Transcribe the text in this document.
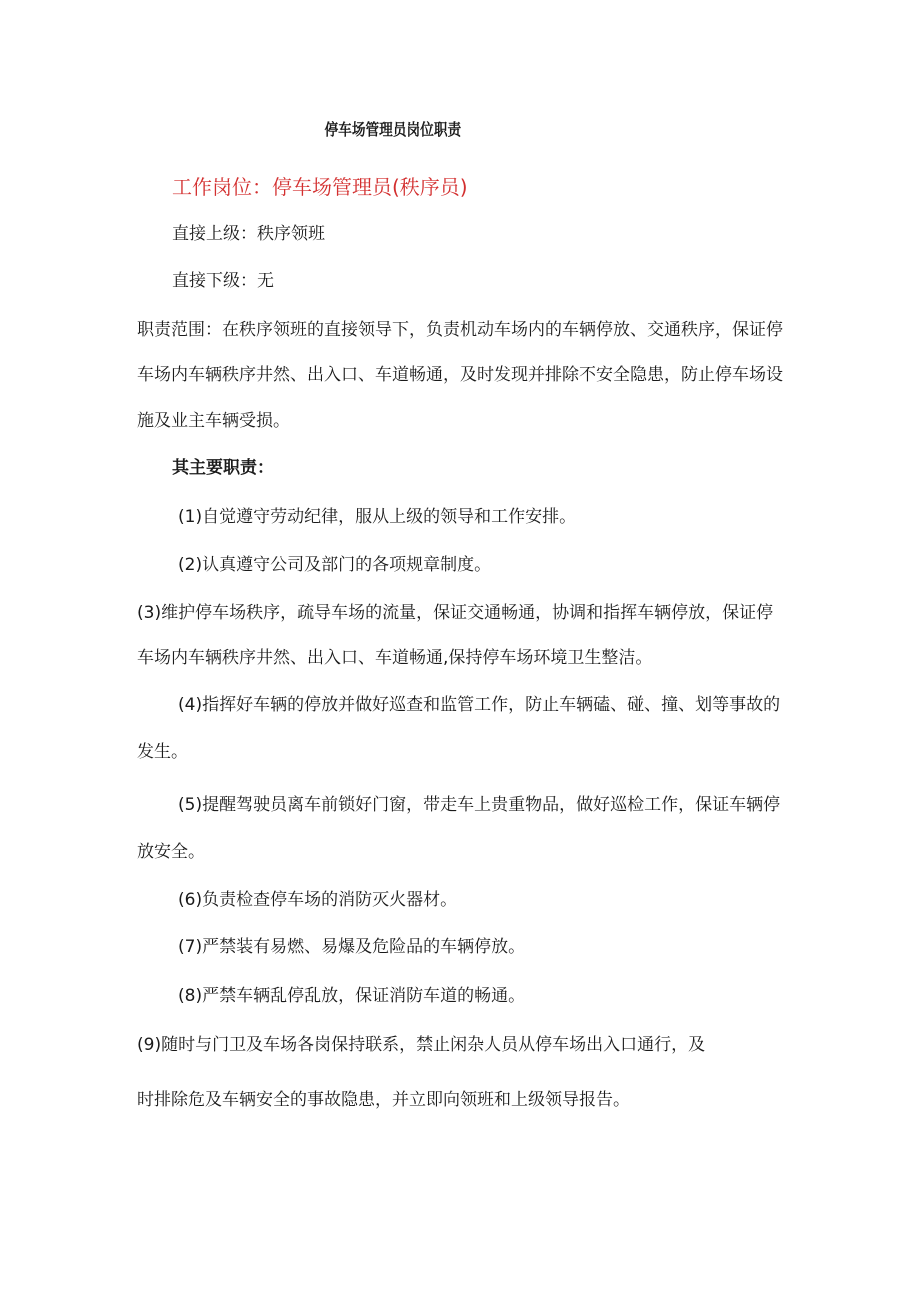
停车场管理员岗位职责

工作岗位：停车场管理员(秩序员)

直接上级：秩序领班

直接下级：无

职责范围：在秩序领班的直接领导下，负责机动车场内的车辆停放、交通秩序，保证停

车场内车辆秩序井然、出入口、车道畅通，及时发现并排除不安全隐患，防止停车场设

施及业主车辆受损。

其主要职责：

(1)自觉遵守劳动纪律，服从上级的领导和工作安排。

(2)认真遵守公司及部门的各项规章制度。

(3)维护停车场秩序，疏导车场的流量，保证交通畅通，协调和指挥车辆停放，保证停

车场内车辆秩序井然、出入口、车道畅通,保持停车场环境卫生整洁。

(4)指挥好车辆的停放并做好巡查和监管工作，防止车辆磕、碰、撞、划等事故的

发生。

(5)提醒驾驶员离车前锁好门窗，带走车上贵重物品，做好巡检工作，保证车辆停

放安全。

(6)负责检查停车场的消防灭火器材。

(7)严禁装有易燃、易爆及危险品的车辆停放。

(8)严禁车辆乱停乱放，保证消防车道的畅通。

(9)随时与门卫及车场各岗保持联系，禁止闲杂人员从停车场出入口通行，及

时排除危及车辆安全的事故隐患，并立即向领班和上级领导报告。
